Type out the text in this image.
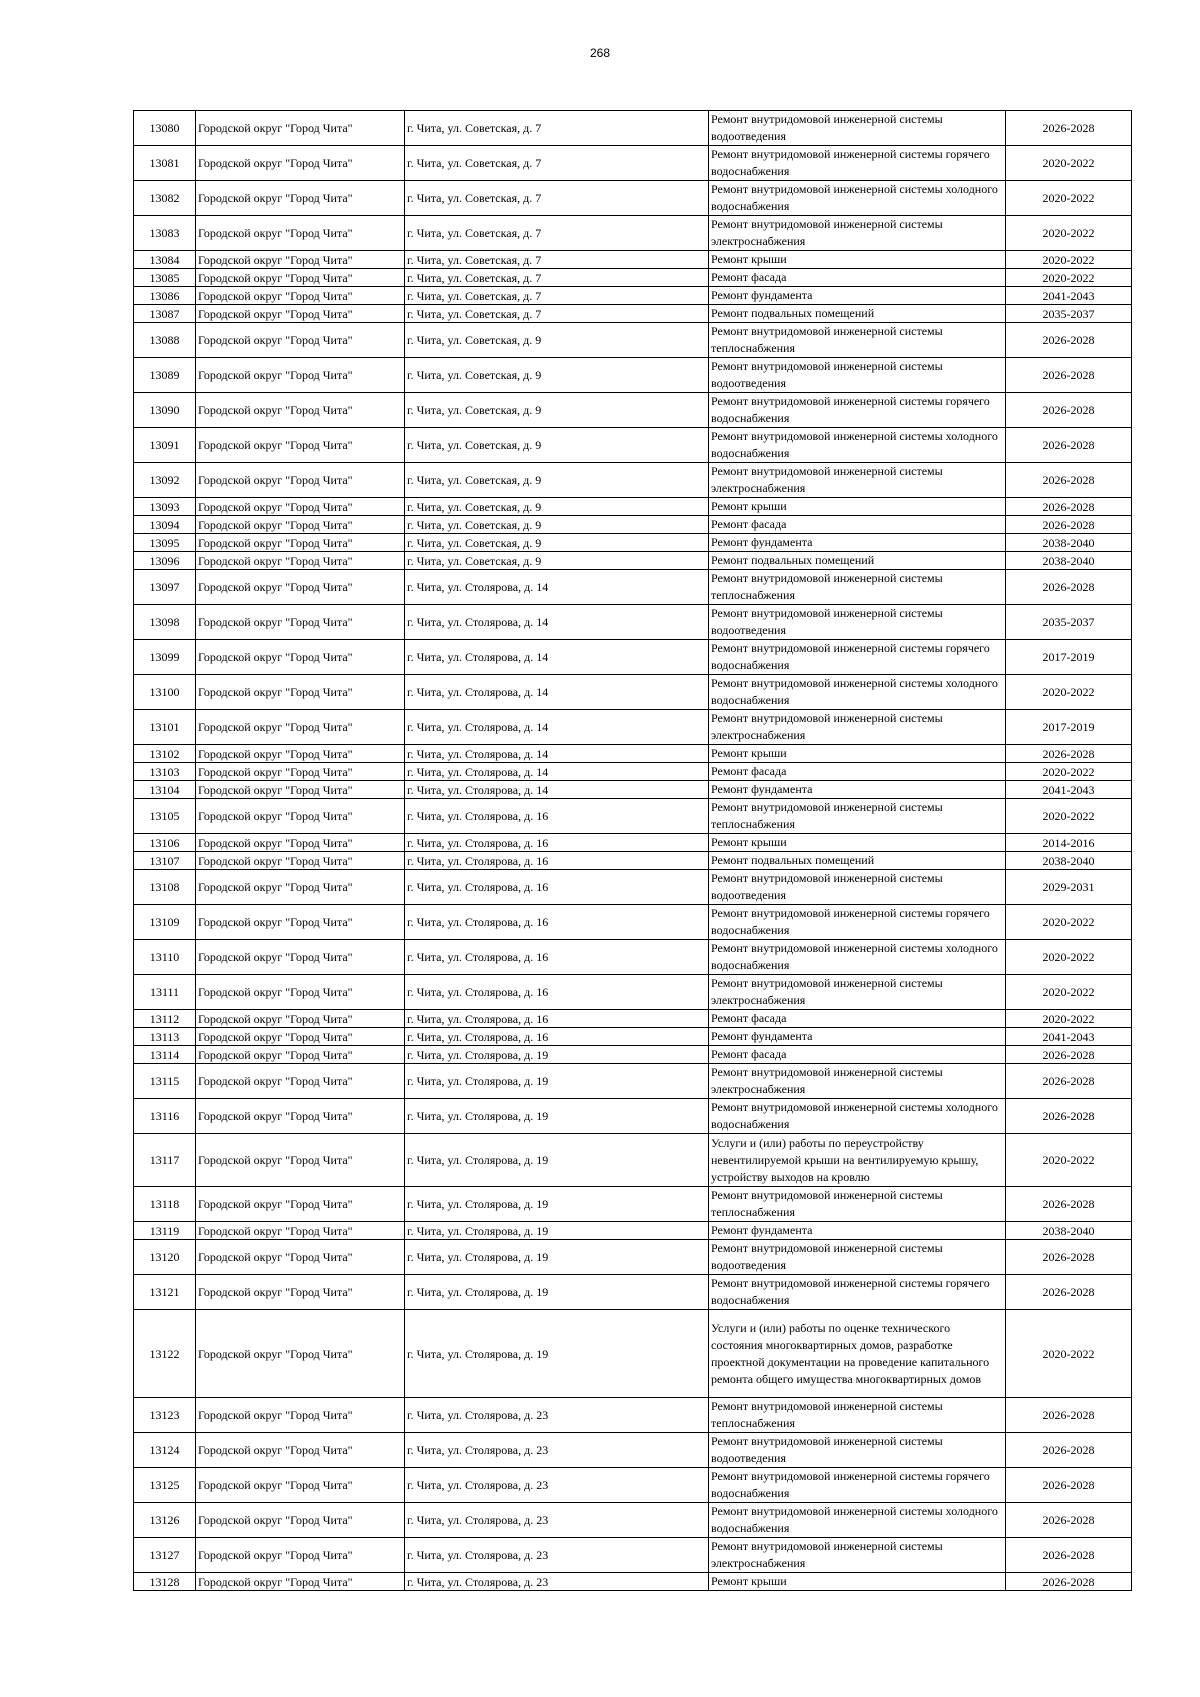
268
13080	Городской округ "Город Чита"	г. Чита, ул. Советская, д. 7	Ремонт внутридомовой инженерной системы водоотведения	2026-2028
13081	Городской округ "Город Чита"	г. Чита, ул. Советская, д. 7	Ремонт внутридомовой инженерной системы горячего водоснабжения	2020-2022
13082	Городской округ "Город Чита"	г. Чита, ул. Советская, д. 7	Ремонт внутридомовой инженерной системы холодного водоснабжения	2020-2022
13083	Городской округ "Город Чита"	г. Чита, ул. Советская, д. 7	Ремонт внутридомовой инженерной системы электроснабжения	2020-2022
13084	Городской округ "Город Чита"	г. Чита, ул. Советская, д. 7	Ремонт крыши	2020-2022
13085	Городской округ "Город Чита"	г. Чита, ул. Советская, д. 7	Ремонт фасада	2020-2022
13086	Городской округ "Город Чита"	г. Чита, ул. Советская, д. 7	Ремонт фундамента	2041-2043
13087	Городской округ "Город Чита"	г. Чита, ул. Советская, д. 7	Ремонт подвальных помещений	2035-2037
13088	Городской округ "Город Чита"	г. Чита, ул. Советская, д. 9	Ремонт внутридомовой инженерной системы теплоснабжения	2026-2028
13089	Городской округ "Город Чита"	г. Чита, ул. Советская, д. 9	Ремонт внутридомовой инженерной системы водоотведения	2026-2028
13090	Городской округ "Город Чита"	г. Чита, ул. Советская, д. 9	Ремонт внутридомовой инженерной системы горячего водоснабжения	2026-2028
13091	Городской округ "Город Чита"	г. Чита, ул. Советская, д. 9	Ремонт внутридомовой инженерной системы холодного водоснабжения	2026-2028
13092	Городской округ "Город Чита"	г. Чита, ул. Советская, д. 9	Ремонт внутридомовой инженерной системы электроснабжения	2026-2028
13093	Городской округ "Город Чита"	г. Чита, ул. Советская, д. 9	Ремонт крыши	2026-2028
13094	Городской округ "Город Чита"	г. Чита, ул. Советская, д. 9	Ремонт фасада	2026-2028
13095	Городской округ "Город Чита"	г. Чита, ул. Советская, д. 9	Ремонт фундамента	2038-2040
13096	Городской округ "Город Чита"	г. Чита, ул. Советская, д. 9	Ремонт подвальных помещений	2038-2040
13097	Городской округ "Город Чита"	г. Чита, ул. Столярова, д. 14	Ремонт внутридомовой инженерной системы теплоснабжения	2026-2028
13098	Городской округ "Город Чита"	г. Чита, ул. Столярова, д. 14	Ремонт внутридомовой инженерной системы водоотведения	2035-2037
13099	Городской округ "Город Чита"	г. Чита, ул. Столярова, д. 14	Ремонт внутридомовой инженерной системы горячего водоснабжения	2017-2019
13100	Городской округ "Город Чита"	г. Чита, ул. Столярова, д. 14	Ремонт внутридомовой инженерной системы холодного водоснабжения	2020-2022
13101	Городской округ "Город Чита"	г. Чита, ул. Столярова, д. 14	Ремонт внутридомовой инженерной системы электроснабжения	2017-2019
13102	Городской округ "Город Чита"	г. Чита, ул. Столярова, д. 14	Ремонт крыши	2026-2028
13103	Городской округ "Город Чита"	г. Чита, ул. Столярова, д. 14	Ремонт фасада	2020-2022
13104	Городской округ "Город Чита"	г. Чита, ул. Столярова, д. 14	Ремонт фундамента	2041-2043
13105	Городской округ "Город Чита"	г. Чита, ул. Столярова, д. 16	Ремонт внутридомовой инженерной системы теплоснабжения	2020-2022
13106	Городской округ "Город Чита"	г. Чита, ул. Столярова, д. 16	Ремонт крыши	2014-2016
13107	Городской округ "Город Чита"	г. Чита, ул. Столярова, д. 16	Ремонт подвальных помещений	2038-2040
13108	Городской округ "Город Чита"	г. Чита, ул. Столярова, д. 16	Ремонт внутридомовой инженерной системы водоотведения	2029-2031
13109	Городской округ "Город Чита"	г. Чита, ул. Столярова, д. 16	Ремонт внутридомовой инженерной системы горячего водоснабжения	2020-2022
13110	Городской округ "Город Чита"	г. Чита, ул. Столярова, д. 16	Ремонт внутридомовой инженерной системы холодного водоснабжения	2020-2022
13111	Городской округ "Город Чита"	г. Чита, ул. Столярова, д. 16	Ремонт внутридомовой инженерной системы электроснабжения	2020-2022
13112	Городской округ "Город Чита"	г. Чита, ул. Столярова, д. 16	Ремонт фасада	2020-2022
13113	Городской округ "Город Чита"	г. Чита, ул. Столярова, д. 16	Ремонт фундамента	2041-2043
13114	Городской округ "Город Чита"	г. Чита, ул. Столярова, д. 19	Ремонт фасада	2026-2028
13115	Городской округ "Город Чита"	г. Чита, ул. Столярова, д. 19	Ремонт внутридомовой инженерной системы электроснабжения	2026-2028
13116	Городской округ "Город Чита"	г. Чита, ул. Столярова, д. 19	Ремонт внутридомовой инженерной системы холодного водоснабжения	2026-2028
13117	Городской округ "Город Чита"	г. Чита, ул. Столярова, д. 19	Услуги и (или) работы по переустройству невентилируемой крыши на вентилируемую крышу, устройству выходов на кровлю	2020-2022
13118	Городской округ "Город Чита"	г. Чита, ул. Столярова, д. 19	Ремонт внутридомовой инженерной системы теплоснабжения	2026-2028
13119	Городской округ "Город Чита"	г. Чита, ул. Столярова, д. 19	Ремонт фундамента	2038-2040
13120	Городской округ "Город Чита"	г. Чита, ул. Столярова, д. 19	Ремонт внутридомовой инженерной системы водоотведения	2026-2028
13121	Городской округ "Город Чита"	г. Чита, ул. Столярова, д. 19	Ремонт внутридомовой инженерной системы горячего водоснабжения	2026-2028
13122	Городской округ "Город Чита"	г. Чита, ул. Столярова, д. 19	Услуги и (или) работы по оценке технического состояния многоквартирных домов, разработке проектной документации на проведение капитального ремонта общего имущества многоквартирных домов	2020-2022
13123	Городской округ "Город Чита"	г. Чита, ул. Столярова, д. 23	Ремонт внутридомовой инженерной системы теплоснабжения	2026-2028
13124	Городской округ "Город Чита"	г. Чита, ул. Столярова, д. 23	Ремонт внутридомовой инженерной системы водоотведения	2026-2028
13125	Городской округ "Город Чита"	г. Чита, ул. Столярова, д. 23	Ремонт внутридомовой инженерной системы горячего водоснабжения	2026-2028
13126	Городской округ "Город Чита"	г. Чита, ул. Столярова, д. 23	Ремонт внутридомовой инженерной системы холодного водоснабжения	2026-2028
13127	Городской округ "Город Чита"	г. Чита, ул. Столярова, д. 23	Ремонт внутридомовой инженерной системы электроснабжения	2026-2028
13128	Городской округ "Город Чита"	г. Чита, ул. Столярова, д. 23	Ремонт крыши	2026-2028
